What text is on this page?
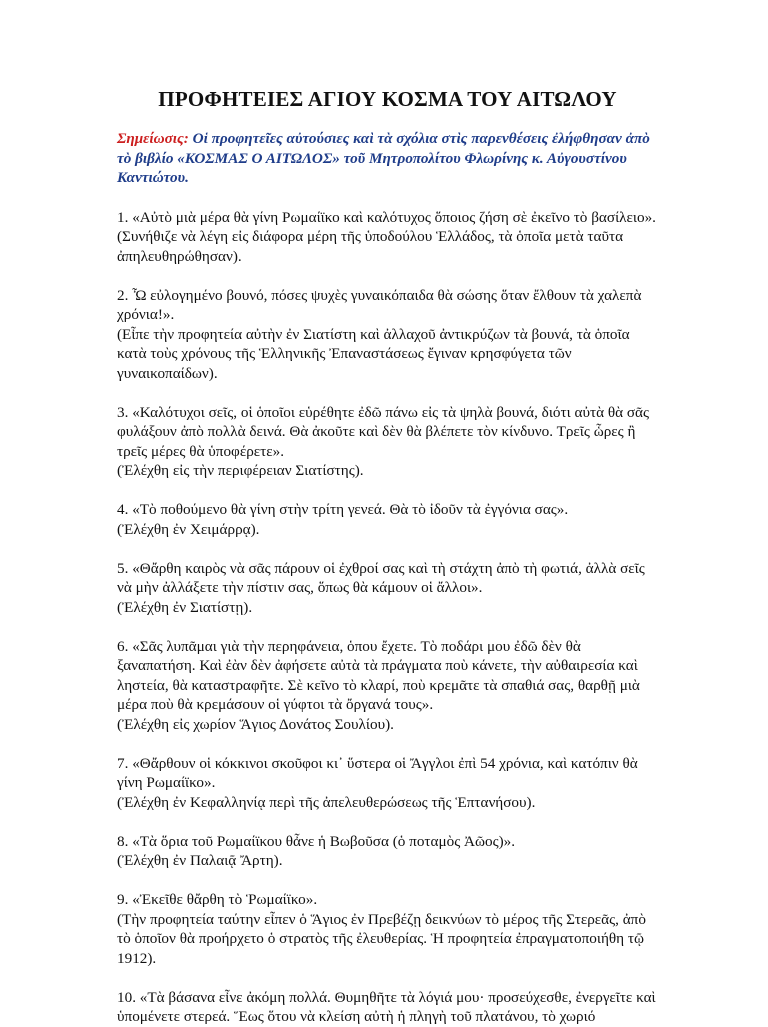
ΠΡΟΦΗΤΕΙΕΣ ΑΓΙΟΥ ΚΟΣΜΑ ΤΟΥ ΑΙΤΩΛΟΥ

Σημείωσις: Οἱ προφητεῖες αὐτούσιες καὶ τὰ σχόλια στὶς παρενθέσεις ἐλήφθησαν ἀπὸ τὸ βιβλίο «ΚΟΣΜΑΣ Ο ΑΙΤΩΛΟΣ» τοῦ Μητροπολίτου Φλωρίνης κ. Αὐγουστίνου Καντιώτου.

1. «Αὐτὸ μιὰ μέρα θὰ γίνη Ρωμαίϊκο καὶ καλότυχος ὅποιος ζήση σὲ ἐκεῖνο τὸ βασίλειο».
(Συνήθιζε νὰ λέγη εἰς διάφορα μέρη τῆς ὑποδούλου Ἑλλάδος, τὰ ὁποῖα μετὰ ταῦτα ἀπηλευθηρώθησαν).

2. Ὦ εὐλογημένο βουνό, πόσες ψυχὲς γυναικόπαιδα θὰ σώσης ὅταν ἔλθουν τὰ χαλεπὰ χρόνια!».
(Εἶπε τὴν προφητεία αὐτὴν ἐν Σιατίστη καὶ ἀλλαχοῦ ἀντικρύζων τὰ βουνά, τὰ ὁποῖα κατὰ τοὺς χρόνους τῆς Ἑλληνικῆς Ἐπαναστάσεως ἔγιναν κρησφύγετα τῶν γυναικοπαίδων).

3. «Καλότυχοι σεῖς, οἱ ὁποῖοι εὑρέθητε ἐδῶ πάνω εἰς τὰ ψηλὰ βουνά, διότι αὐτὰ θὰ σᾶς φυλάξουν ἀπὸ πολλὰ δεινά. Θὰ ἀκοῦτε καὶ δὲν θὰ βλέπετε τὸν κίνδυνο. Τρεῖς ὧρες ἢ τρεῖς μέρες θὰ ὑποφέρετε».
(Ἐλέχθη εἰς τὴν περιφέρειαν Σιατίστης).

4. «Τὸ ποθούμενο θὰ γίνη στὴν τρίτη γενεά. Θὰ τὸ ἰδοῦν τὰ ἐγγόνια σας».
(Ἐλέχθη ἐν Χειμάρρᾳ).

5. «Θἄρθη καιρὸς νὰ σᾶς πάρουν οἱ ἐχθροί σας καὶ τὴ στάχτη ἀπὸ τὴ φωτιά, ἀλλὰ σεῖς νὰ μὴν ἀλλάξετε τὴν πίστιν σας, ὅπως θὰ κάμουν οἱ ἄλλοι».
(Ἐλέχθη ἐν Σιατίστῃ).

6. «Σᾶς λυπᾶμαι γιὰ τὴν περηφάνεια, ὁπου ἔχετε. Τὸ ποδάρι μου ἐδῶ δὲν θὰ ξαναπατήση. Καὶ ἐὰν δὲν ἀφήσετε αὐτὰ τὰ πράγματα ποὺ κάνετε, τὴν αὐθαιρεσία καὶ ληστεία, θὰ καταστραφῆτε. Σὲ κεῖνο τὸ κλαρί, ποὺ κρεμᾶτε τὰ σπαθιά σας, θαρθῇ μιὰ μέρα ποὺ θὰ κρεμάσουν οἱ γύφτοι τὰ ὄργανά τους».
(Ἐλέχθη εἰς χωρίον Ἅγιος Δονάτος Σουλίου).

7. «Θἄρθουν οἱ κόκκινοι σκοῦφοι κι᾽ ὕστερα οἱ Ἄγγλοι ἐπὶ 54 χρόνια, καὶ κατόπιν θὰ γίνη Ρωμαίϊκο».
(Ἐλέχθη ἐν Κεφαλληνίᾳ περὶ τῆς ἀπελευθερώσεως τῆς Ἑπτανήσου).

8. «Τὰ ὅρια τοῦ Ρωμαίϊκου θἆνε ἡ Βωβοῦσα (ὁ ποταμὸς Ἀῶος)».
(Ἐλέχθη ἐν Παλαιᾷ Ἄρτη).

9. «Ἐκεῖθε θἄρθη τὸ Ῥωμαίϊκο».
(Τὴν προφητεία ταύτην εἶπεν ὁ Ἅγιος ἐν Πρεβέζῃ δεικνύων τὸ μέρος τῆς Στερεᾶς, ἀπὸ τὸ ὁποῖον θὰ προήρχετο ὁ στρατὸς τῆς ἐλευθερίας. Ἡ προφητεία ἐπραγματοποιήθη τῷ 1912).

10. «Τὰ βάσανα εἶνε ἀκόμη πολλά. Θυμηθῆτε τὰ λόγιά μου· προσεύχεσθε, ἐνεργεῖτε καὶ ὑπομένετε στερεά. Ἕως ὅτου νὰ κλείση αὐτὴ ἡ πληγὴ τοῦ πλατάνου, τὸ χωριό
